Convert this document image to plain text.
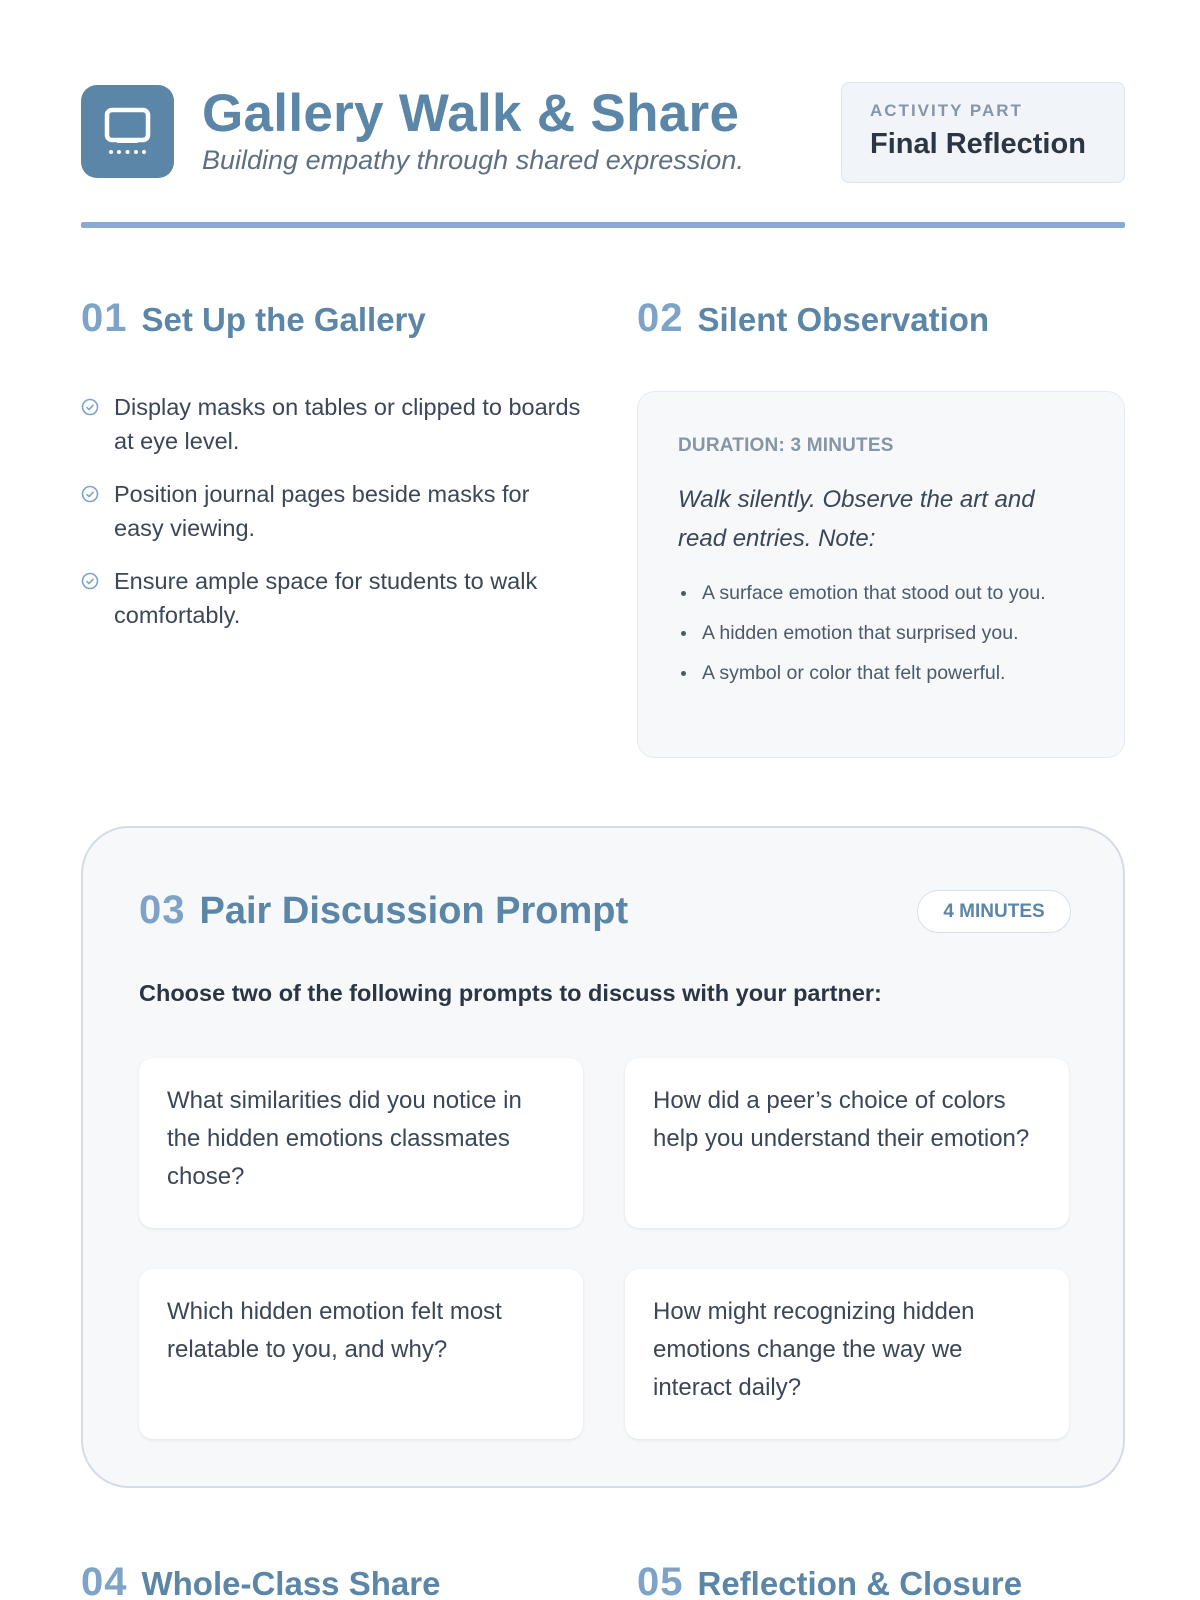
Gallery Walk & Share
Building empathy through shared expression.
ACTIVITY PART
Final Reflection
01 Set Up the Gallery
Display masks on tables or clipped to boards at eye level.
Position journal pages beside masks for easy viewing.
Ensure ample space for students to walk comfortably.
02 Silent Observation
DURATION: 3 MINUTES
Walk silently. Observe the art and read entries. Note:
A surface emotion that stood out to you.
A hidden emotion that surprised you.
A symbol or color that felt powerful.
03 Pair Discussion Prompt	4 MINUTES
Choose two of the following prompts to discuss with your partner:
What similarities did you notice in the hidden emotions classmates chose?
How did a peer’s choice of colors help you understand their emotion?
Which hidden emotion felt most relatable to you, and why?
How might recognizing hidden emotions change the way we interact daily?
04 Whole-Class Share	05 Reflection & Closure
